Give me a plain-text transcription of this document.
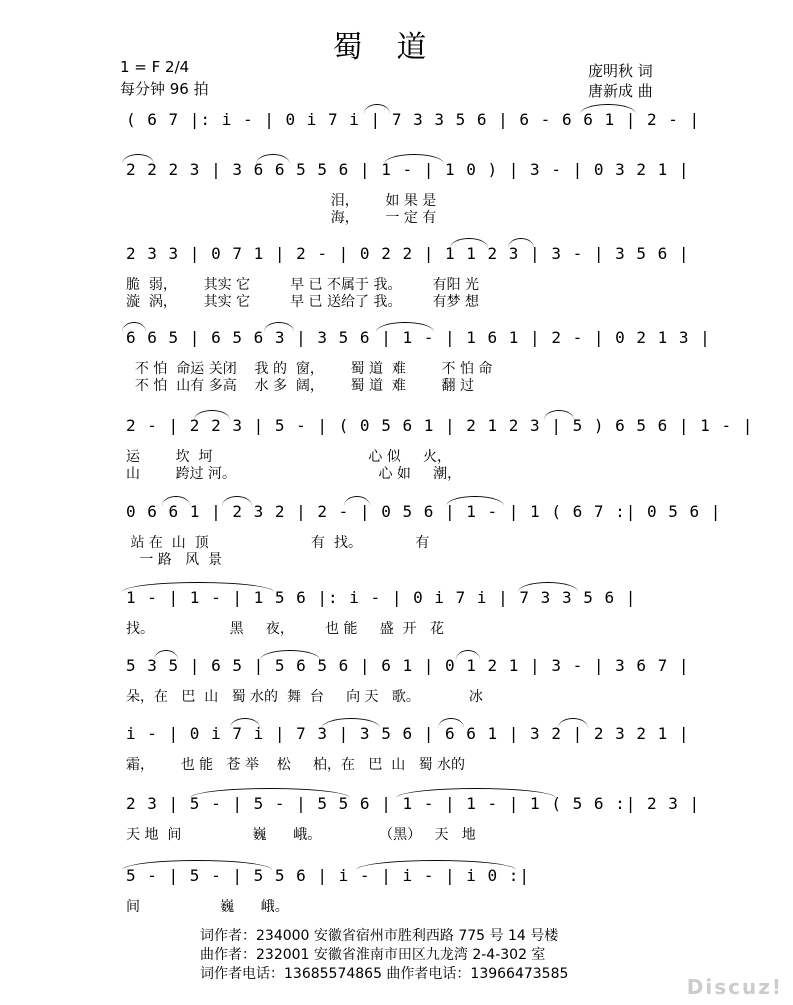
蜀道
1 = F 2/4
每分钟 96 拍
庞明秋 词
唐新成 曲
( 6 7 |: i - | 0 i 7 i | 7 3 3 5 6 | 6 - 6 6 1 | 2 - |
2 2 2 3 | 3 6 6 5 5 6 | 1 - | 1 0 ) | 3 - | 0 3 2 1 |
泪，      如 果 是
海，      一 定 有
2 3 3 | 0 7 1 | 2 - | 0 2 2 | 1 1 2 3 | 3 - | 3 5 6 |
脆  弱，      其实 它         早 已 不属于 我。       有阳 光
漩  涡，      其实 它         早 已 送给了 我。       有梦 想
6 6 5 | 6 5 6 3 | 3 5 6 | 1 - | 1 6 1 | 2 - | 0 2 1 3 |
不 怕  命运 关闭    我 的  窗，      蜀 道  难        不 怕 命
不 怕  山有 多高    水 多  阔，      蜀 道  难        翻 过
2 - | 2 2 3 | 5 - | ( 0 5 6 1 | 2 1 2 3 | 5 ) 6 5 6 | 1 - |
运        坎  坷                                   心 似     火，
山        跨过 河。                                心 如     潮，
0 6 6 1 | 2 3 2 | 2 - | 0 5 6 | 1 - | 1 ( 6 7 :| 0 5 6 |
站 在  山  顶                       有  找。            有
一 路   风  景
1 - | 1 - | 1 5 6 |: i - | 0 i 7 i | 7 3 3 5 6 |
找。                 黑     夜，       也 能     盛  开   花
5 3 5 | 6 5 | 5 6 5 6 | 6 1 | 0 1 2 1 | 3 - | 3 6 7 |
朵，在   巴  山   蜀 水的  舞  台     向 天   歌。           冰
i - | 0 i 7 i | 7 3 | 3 5 6 | 6 6 1 | 3 2 | 2 3 2 1 |
霜，      也 能   苍 举    松     柏，在   巴  山   蜀 水的
2 3 | 5 - | 5 - | 5 5 6 | 1 - | 1 - | 1 ( 5 6 :| 2 3 |
天 地  间                巍      峨。             （黑）   天   地
5 - | 5 - | 5 5 6 | i - | i - | i 0 :|
间                  巍      峨。
词作者：234000 安徽省宿州市胜利西路 775 号 14 号楼
曲作者：232001 安徽省淮南市田区九龙湾 2-4-302 室
词作者电话：13685574865 曲作者电话：13966473585
Discuz!
